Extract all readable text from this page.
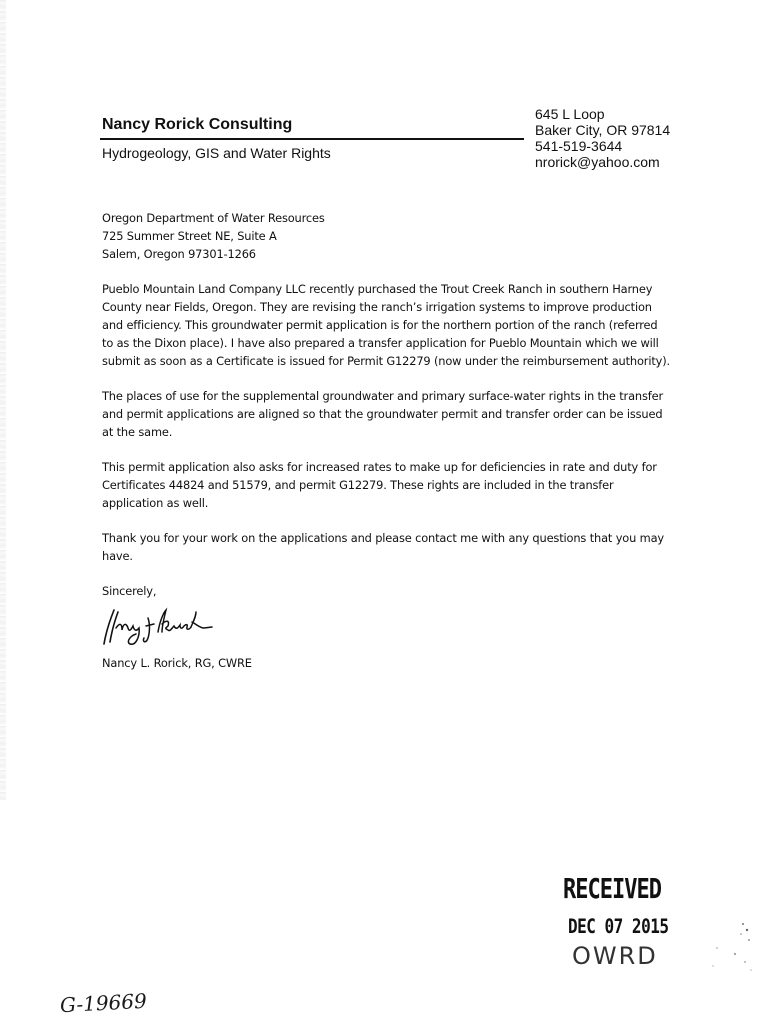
Nancy Rorick Consulting
Hydrogeology, GIS and Water Rights
645 L Loop
Baker City, OR 97814
541-519-3644
nrorick@yahoo.com
Oregon Department of Water Resources
725 Summer Street NE, Suite A
Salem, Oregon 97301-1266

Pueblo Mountain Land Company LLC recently purchased the Trout Creek Ranch in southern Harney County near Fields, Oregon. They are revising the ranch’s irrigation systems to improve production and efficiency. This groundwater permit application is for the northern portion of the ranch (referred to as the Dixon place). I have also prepared a transfer application for Pueblo Mountain which we will submit as soon as a Certificate is issued for Permit G12279 (now under the reimbursement authority).

The places of use for the supplemental groundwater and primary surface-water rights in the transfer and permit applications are aligned so that the groundwater permit and transfer order can be issued at the same.

This permit application also asks for increased rates to make up for deficiencies in rate and duty for Certificates 44824 and 51579, and permit G12279. These rights are included in the transfer application as well.

Thank you for your work on the applications and please contact me with any questions that you may have.

Sincerely,
Nancy L. Rorick, RG, CWRE
RECEIVED
DEC 07 2015
OWRD
G-19669
